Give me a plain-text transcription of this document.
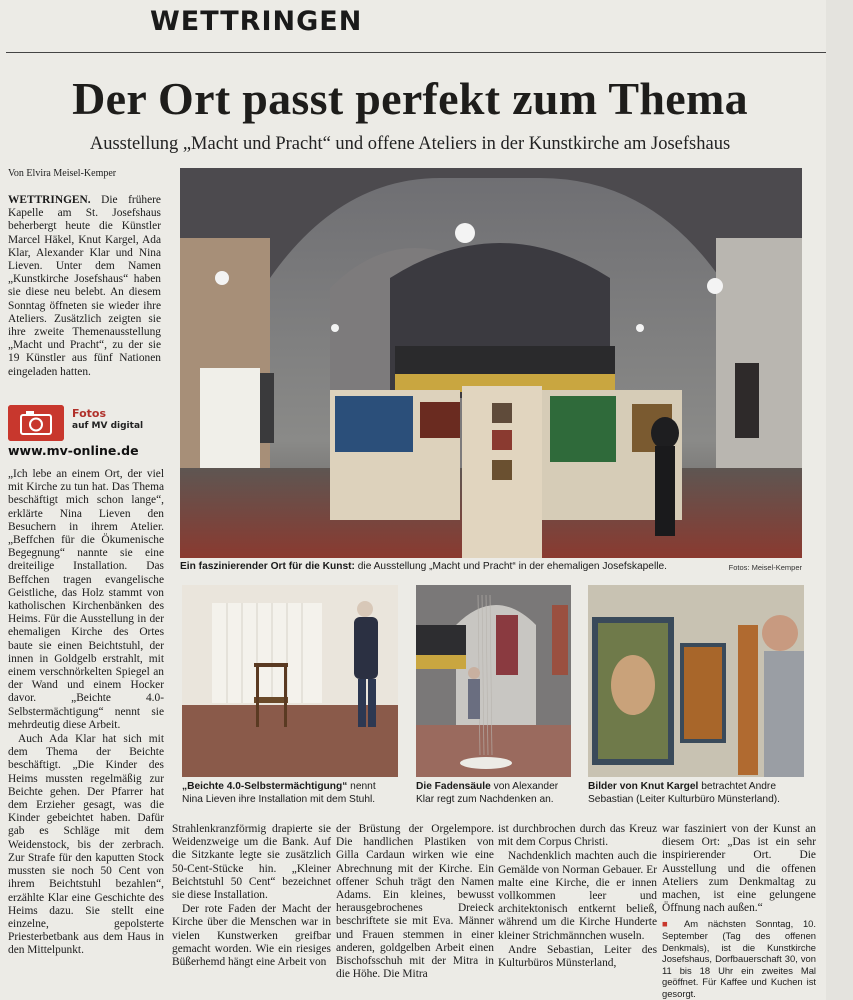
WETTRINGEN
Der Ort passt perfekt zum Thema
Ausstellung „Macht und Pracht“ und offene Ateliers in der Kunstkirche am Josefshaus
Von Elvira Meisel-Kemper

WETTRINGEN. Die frühere Kapelle am St. Josefshaus beherbergt heute die Künstler Marcel Häkel, Knut Kargel, Ada Klar, Alexander Klar und Nina Lieven. Unter dem Namen „Kunstkirche Josefshaus“ haben sie diese neu belebt. An diesem Sonntag öffneten sie wieder ihre Ateliers. Zusätzlich zeigten sie ihre zweite Themenausstellung „Macht und Pracht“, zu der sie 19 Künstler aus fünf Nationen eingeladen hatten.

Fotos
auf MV digital
www.mv-online.de

„Ich lebe an einem Ort, der viel mit Kirche zu tun hat. Das Thema beschäftigt mich schon lange“, erklärte Nina Lieven den Besuchern in ihrem Atelier. „Beffchen für die Ökumenische Begegnung“ nannte sie eine dreiteilige Installation. Das Beffchen tragen evangelische Geistliche, das Holz stammt von katholischen Kirchenbänken des Heims. Für die Ausstellung in der ehemaligen Kirche des Ortes baute sie einen Beichtstuhl, der innen in Goldgelb erstrahlt, mit einem verschnörkelten Spiegel an der Wand und einem Hocker davor. „Beichte 4.0-Selbstermächtigung“ nennt sie mehrdeutig diese Arbeit.

Auch Ada Klar hat sich mit dem Thema der Beichte beschäftigt. „Die Kinder des Heims mussten regelmäßig zur Beichte gehen. Der Pfarrer hat dem Erzieher gesagt, was die Kinder gebeichtet haben. Dafür gab es Schläge mit dem Weidenstock, bis der zerbrach. Zur Strafe für den kaputten Stock mussten sie noch 50 Cent von ihrem Beichtstuhl bezahlen“, erzählte Klar eine Geschichte des Heims dazu. Sie stellt eine einzelne, gepolsterte Priesterbetbank aus dem Haus in den Mittelpunkt.

Ein faszinierender Ort für die Kunst: die Ausstellung „Macht und Pracht“ in der ehemaligen Josefskapelle.	Fotos: Meisel-Kemper
„Beichte 4.0-Selbstermächtigung“ nennt Nina Lieven ihre Installation mit dem Stuhl.
Die Fadensäule von Alexander Klar regt zum Nachdenken an.
Bilder von Knut Kargel betrachtet Andre Sebastian (Leiter Kulturbüro Münsterland).

Strahlenkranzförmig drapierte sie Weidenzweige um die Bank. Auf die Sitzkante legte sie zusätzlich 50-Cent-Stücke hin. „Kleiner Beichtstuhl 50 Cent“ bezeichnet sie diese Installation.

Der rote Faden der Macht der Kirche über die Menschen war in vielen Kunstwerken greifbar gemacht worden. Wie ein riesiges Büßerhemd hängt eine Arbeit von

der Brüstung der Orgelempore. Die handlichen Plastiken von Gilla Cardaun wirken wie eine Abrechnung mit der Kirche. Ein offener Schuh trägt den Namen Adams. Ein kleines, bewusst herausgebrochenes Dreieck beschriftete sie mit Eva. Männer und Frauen stemmen in einer anderen, goldgelben Arbeit einen Bischofsschuh mit der Mitra in die Höhe. Die Mitra

ist durchbrochen durch das Kreuz mit dem Corpus Christi.

Nachdenklich machten auch die Gemälde von Norman Gebauer. Er malte eine Kirche, die er innen vollkommen leer und architektonisch entkernt beließ, während um die Kirche Hunderte kleiner Strichmännchen wuseln.

Andre Sebastian, Leiter des Kulturbüros Münsterland,

war fasziniert von der Kunst an diesem Ort: „Das ist ein sehr inspirierender Ort. Die Ausstellung und die offenen Ateliers zum Denkmaltag zu machen, ist eine gelungene Öffnung nach außen.“

■ Am nächsten Sonntag, 10. September (Tag des offenen Denkmals), ist die Kunstkirche Josefshaus, Dorfbauerschaft 30, von 11 bis 18 Uhr ein zweites Mal geöffnet. Für Kaffee und Kuchen ist gesorgt.
